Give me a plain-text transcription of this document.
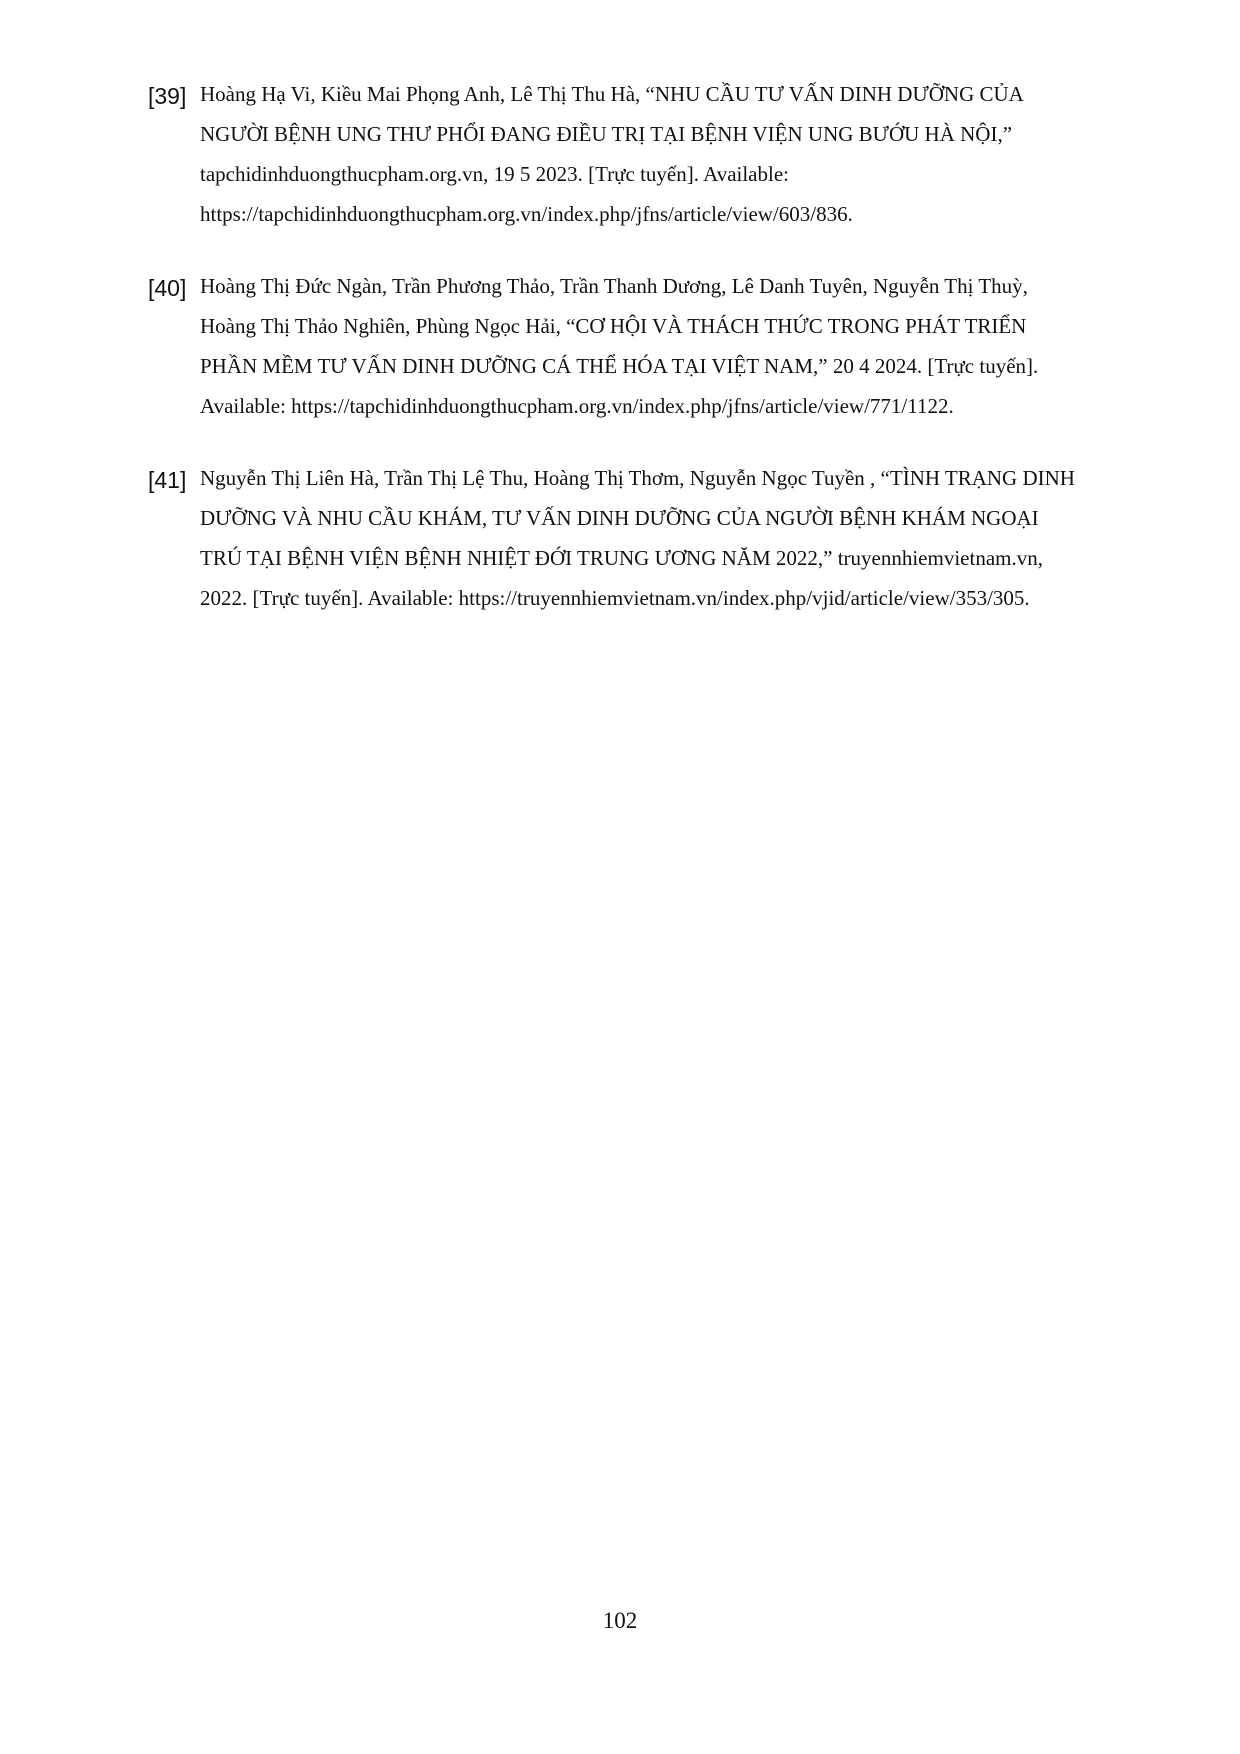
[39] Hoàng Hạ Vi, Kiều Mai Phọng Anh, Lê Thị Thu Hà, “NHU CẦU TƯ VẤN DINH DƯỠNG CỦA
NGƯỜI BỆNH UNG THƯ PHỔI ĐANG ĐIỀU TRỊ TẠI BỆNH VIỆN UNG BƯỚU HÀ NỘI,”
tapchidinhduongthucpham.org.vn, 19 5 2023. [Trực tuyến]. Available:
https://tapchidinhduongthucpham.org.vn/index.php/jfns/article/view/603/836.
[40] Hoàng Thị Đức Ngàn, Trần Phương Thảo, Trần Thanh Dương, Lê Danh Tuyên, Nguyễn Thị Thuỳ,
Hoàng Thị Thảo Nghiên, Phùng Ngọc Hải, “CƠ HỘI VÀ THÁCH THỨC TRONG PHÁT TRIỂN
PHẦN MỀM TƯ VẤN DINH DƯỠNG CÁ THỂ HÓA TẠI VIỆT NAM,” 20 4 2024. [Trực tuyến].
Available: https://tapchidinhduongthucpham.org.vn/index.php/jfns/article/view/771/1122.
[41] Nguyễn Thị Liên Hà, Trần Thị Lệ Thu, Hoàng Thị Thơm, Nguyễn Ngọc Tuyền , “TÌNH TRẠNG DINH
DƯỠNG VÀ NHU CẦU KHÁM, TƯ VẤN DINH DƯỠNG CỦA NGƯỜI BỆNH KHÁM NGOẠI
TRÚ TẠI BỆNH VIỆN BỆNH NHIỆT ĐỚI TRUNG ƯƠNG NĂM 2022,” truyennhiemvietnam.vn,
2022. [Trực tuyến]. Available: https://truyennhiemvietnam.vn/index.php/vjid/article/view/353/305.
102
